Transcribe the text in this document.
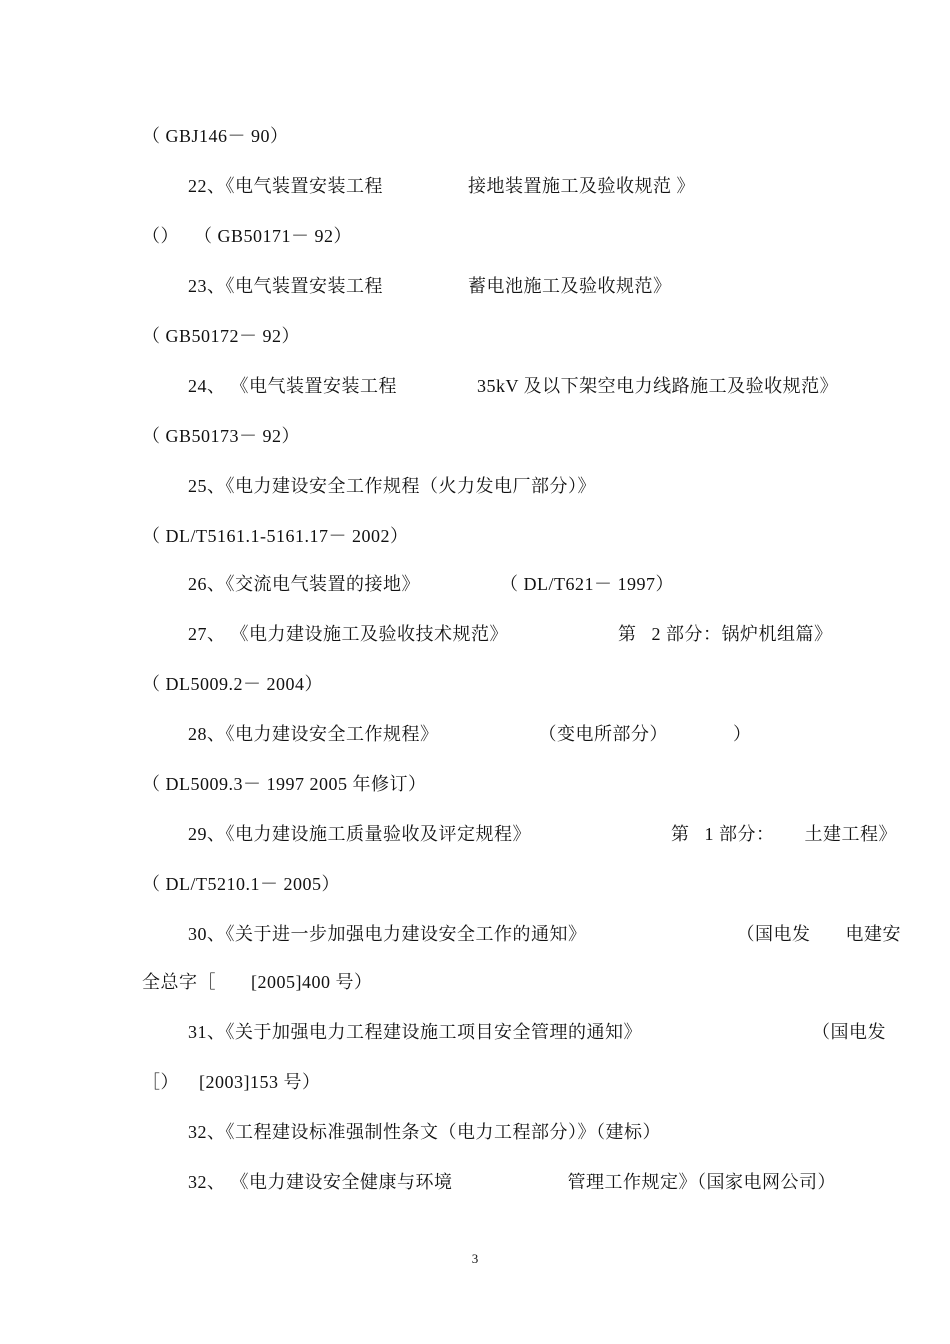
（ GBJ146－ 90）
22、《电气装置安装工程                 接地装置施工及验收规范 》
（）   （ GB50171－ 92）
23、《电气装置安装工程                 蓄电池施工及验收规范》
（ GB50172－ 92）
24、 《电气装置安装工程                35kV 及以下架空电力线路施工及验收规范》
（ GB50173－ 92）
25、《电力建设安全工作规程（火力发电厂部分）》
（ DL/T5161.1-5161.17－ 2002）
26、《交流电气装置的接地》                （ DL/T621－ 1997）
27、 《电力建设施工及验收技术规范》                      第   2 部分：锅炉机组篇》
（ DL5009.2－ 2004）
28、《电力建设安全工作规程》                    （变电所部分）             ）
（ DL5009.3－ 1997 2005 年修订）
29、《电力建设施工质量验收及评定规程》                            第   1 部分：      土建工程》
（ DL/T5210.1－ 2005）
30、《关于进一步加强电力建设安全工作的通知》                              （国电发       电建安
全总字［       [2005]400 号）
31、《关于加强电力工程建设施工项目安全管理的通知》                                  （国电发
［）    [2003]153 号）
32、《工程建设标准强制性条文（电力工程部分）》（建标）
32、 《电力建设安全健康与环境                       管理工作规定》（国家电网公司）
3
